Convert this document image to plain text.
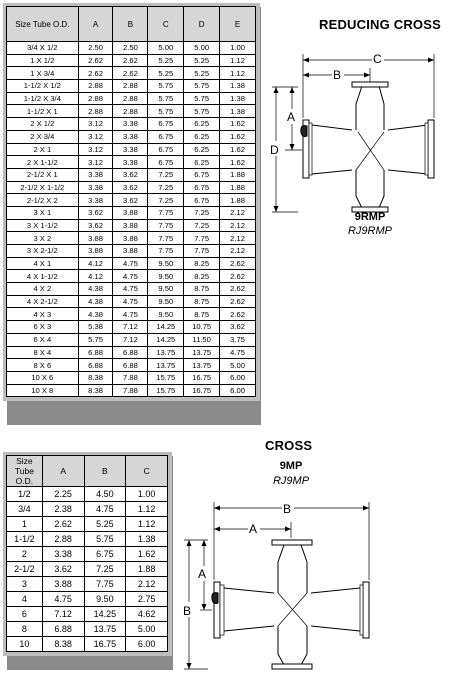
Size Tube O.D.	A	B	C	D	E
3/4 X 1/2	2.50	2.50	5.00	5.00	1.00
1 X 1/2	2.62	2.62	5.25	5.25	1.12
1 X 3/4	2.62	2.62	5.25	5.25	1.12
1-1/2 X 1/2	2.88	2.88	5.75	5.75	1.38
1-1/2 X 3/4	2.88	2.88	5.75	5.75	1.38
1-1/2 X 1	2.88	2.88	5.75	5.75	1.38
2 X 1/2	3.12	3.38	6.75	6.25	1.62
2 X 3/4	3.12	3.38	6.75	6.25	1.62
2 X 1	3.12	3.38	6.75	6.25	1.62
2 X 1-1/2	3.12	3.38	6.75	6.25	1.62
2-1/2 X 1	3.38	3.62	7.25	6.75	1.88
2-1/2 X 1-1/2	3.38	3.62	7.25	6.75	1.88
2-1/2 X 2	3.38	3.62	7.25	6.75	1.88
3 X 1	3.62	3.88	7.75	7.25	2.12
3 X 1-1/2	3.62	3.88	7.75	7.25	2.12
3 X 2	3.88	3.88	7.75	7.75	2.12
3 X 2-1/2	3.88	3.88	7.75	7.75	2.12
4 X 1	4.12	4.75	9.50	8.25	2.62
4 X 1-1/2	4.12	4.75	9.50	8.25	2.62
4 X 2	4.38	4.75	9.50	8.75	2.62
4 X 2-1/2	4.38	4.75	9.50	8.75	2.62
4 X 3	4.38	4.75	9.50	8.75	2.62
6 X 3	5.38	7.12	14.25	10.75	3.62
6 X 4	5.75	7.12	14.25	11.50	3.75
8 X 4	6.88	6.88	13.75	13.75	4.75
8 X 6	6.88	6.88	13.75	13.75	5.00
10 X 6	8.38	7.88	15.75	16.75	6.00
10 X 8	8.38	7.88	15.75	16.75	6.00
REDUCING CROSS
C
B
D
A
9RMP
RJ9RMP
CROSS
9MP
RJ9MP
Size Tube O.D.	A	B	C
1/2	2.25	4.50	1.00
3/4	2.38	4.75	1.12
1	2.62	5.25	1.12
1-1/2	2.88	5.75	1.38
2	3.38	6.75	1.62
2-1/2	3.62	7.25	1.88
3	3.88	7.75	2.12
4	4.75	9.50	2.75
6	7.12	14.25	4.62
8	6.88	13.75	5.00
10	8.38	16.75	6.00
B
A
B
A
